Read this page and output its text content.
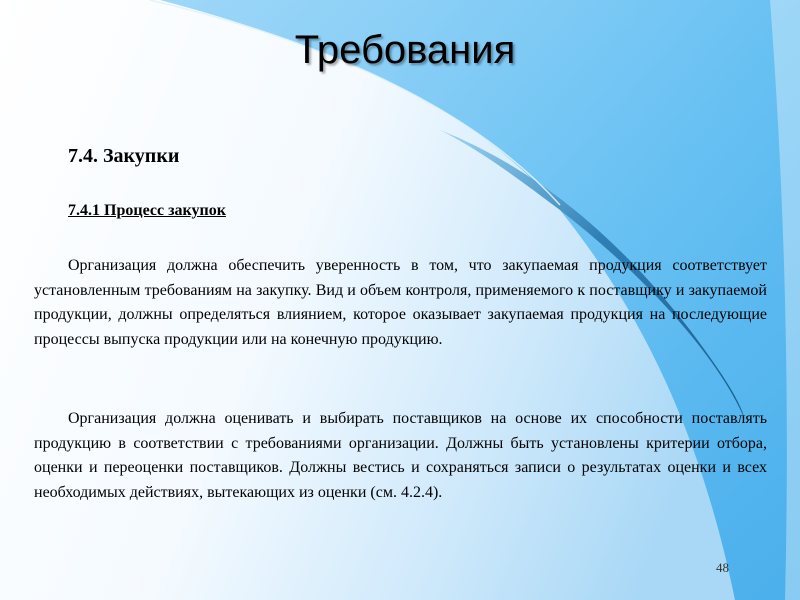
Требования
7.4. Закупки
7.4.1 Процесс закупок

Организация должна обеспечить уверенность в том, что закупаемая продукция соответствует установленным требованиям на закупку. Вид и объем контроля, применяемого к поставщику и закупаемой продукции, должны определяться влиянием, которое оказывает закупаемая продукция на последующие процессы выпуска продукции или на конечную продукцию.

Организация должна оценивать и выбирать поставщиков на основе их способности поставлять продукцию в соответствии с требованиями организации. Должны быть установлены критерии отбора, оценки и переоценки поставщиков. Должны вестись и сохраняться записи о результатах оценки и всех необходимых действиях, вытекающих из оценки (см. 4.2.4).

48
